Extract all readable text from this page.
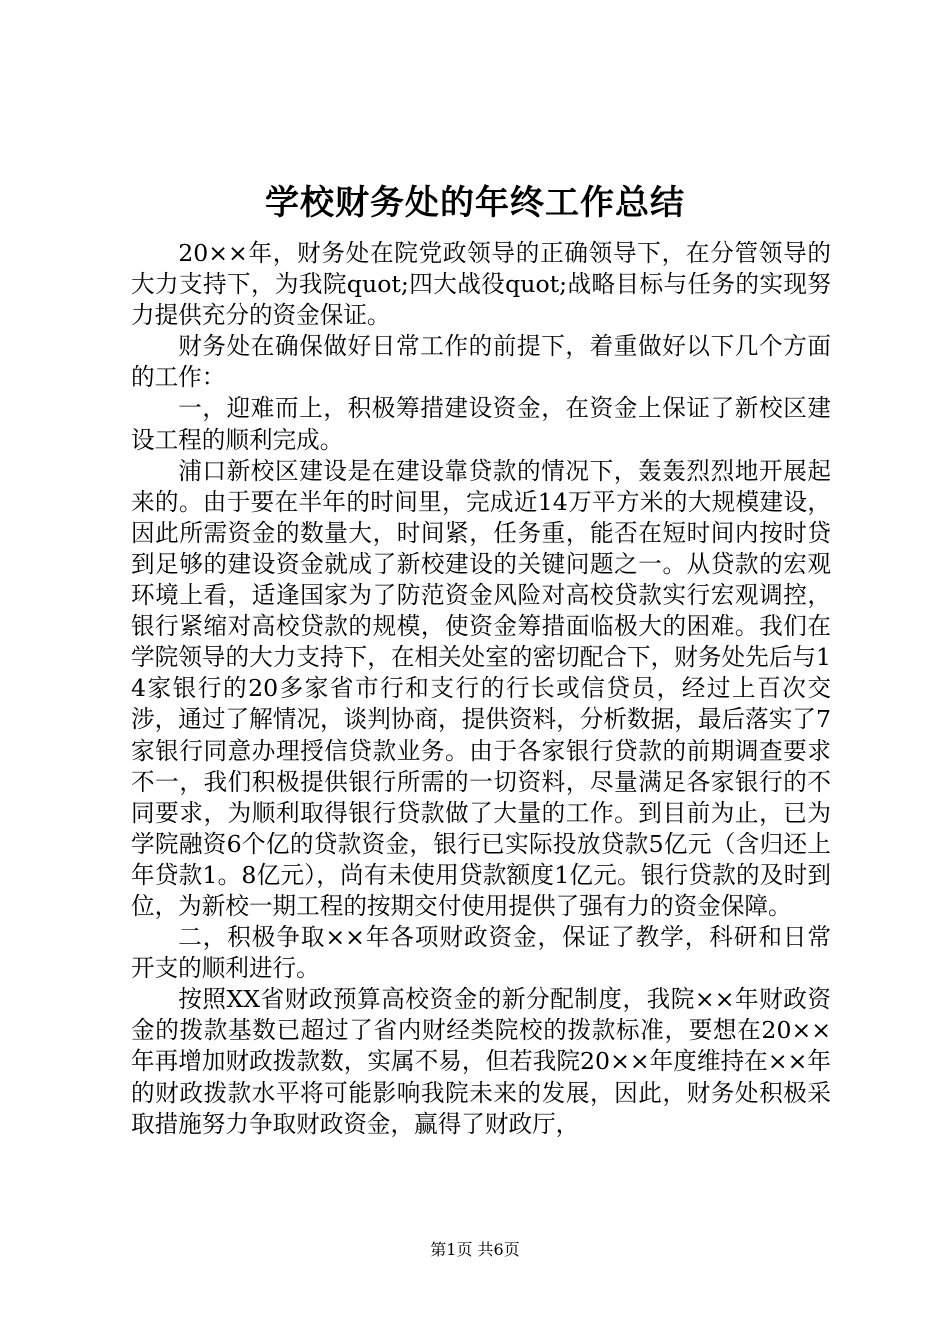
学校财务处的年终工作总结

20××年，财务处在院党政领导的正确领导下，在分管领导的大力支持下，为我院quot;四大战役quot;战略目标与任务的实现努力提供充分的资金保证。

财务处在确保做好日常工作的前提下，着重做好以下几个方面的工作：

一，迎难而上，积极筹措建设资金，在资金上保证了新校区建设工程的顺利完成。

浦口新校区建设是在建设靠贷款的情况下，轰轰烈烈地开展起来的。由于要在半年的时间里，完成近14万平方米的大规模建设，因此所需资金的数量大，时间紧，任务重，能否在短时间内按时贷到足够的建设资金就成了新校建设的关键问题之一。从贷款的宏观环境上看，适逢国家为了防范资金风险对高校贷款实行宏观调控，银行紧缩对高校贷款的规模，使资金筹措面临极大的困难。我们在学院领导的大力支持下，在相关处室的密切配合下，财务处先后与14家银行的20多家省市行和支行的行长或信贷员，经过上百次交涉，通过了解情况，谈判协商，提供资料，分析数据，最后落实了7家银行同意办理授信贷款业务。由于各家银行贷款的前期调查要求不一，我们积极提供银行所需的一切资料，尽量满足各家银行的不同要求，为顺利取得银行贷款做了大量的工作。到目前为止，已为学院融资6个亿的贷款资金，银行已实际投放贷款5亿元（含归还上年贷款1。8亿元），尚有未使用贷款额度1亿元。银行贷款的及时到位，为新校一期工程的按期交付使用提供了强有力的资金保障。

二，积极争取××年各项财政资金，保证了教学，科研和日常开支的顺利进行。

按照XX省财政预算高校资金的新分配制度，我院××年财政资金的拨款基数已超过了省内财经类院校的拨款标准，要想在20××年再增加财政拨款数，实属不易，但若我院20××年度维持在××年的财政拨款水平将可能影响我院未来的发展，因此，财务处积极采取措施努力争取财政资金，赢得了财政厅，

第1页 共6页
